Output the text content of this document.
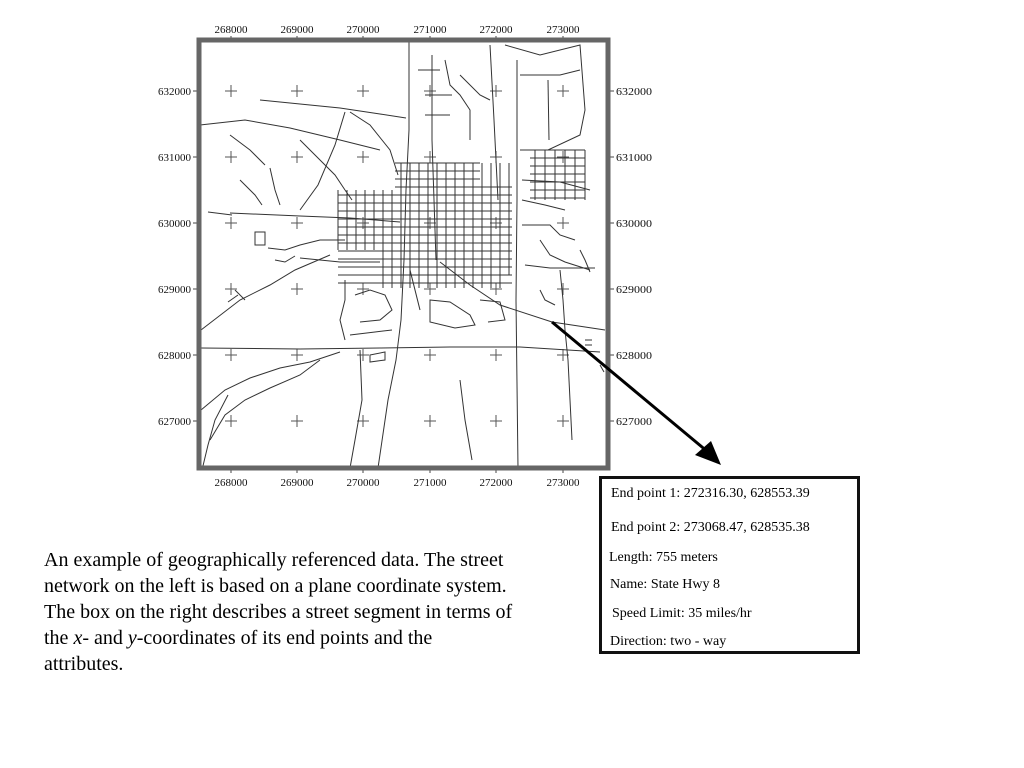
268000	269000	270000	271000	272000	273000
268000	269000	270000	271000	272000	273000
632000
631000
630000
629000
628000
627000
632000
631000
630000
629000
628000
627000
End point 1: 272316.30, 628553.39
End point 2: 273068.47, 628535.38
Length: 755 meters
Name: State Hwy 8
Speed Limit: 35 miles/hr
Direction: two - way

An example of geographically referenced data. The street network on the left is based on a plane coordinate system. The box on the right describes a street segment in terms of the x- and y-coordinates of its end points and the attributes.
